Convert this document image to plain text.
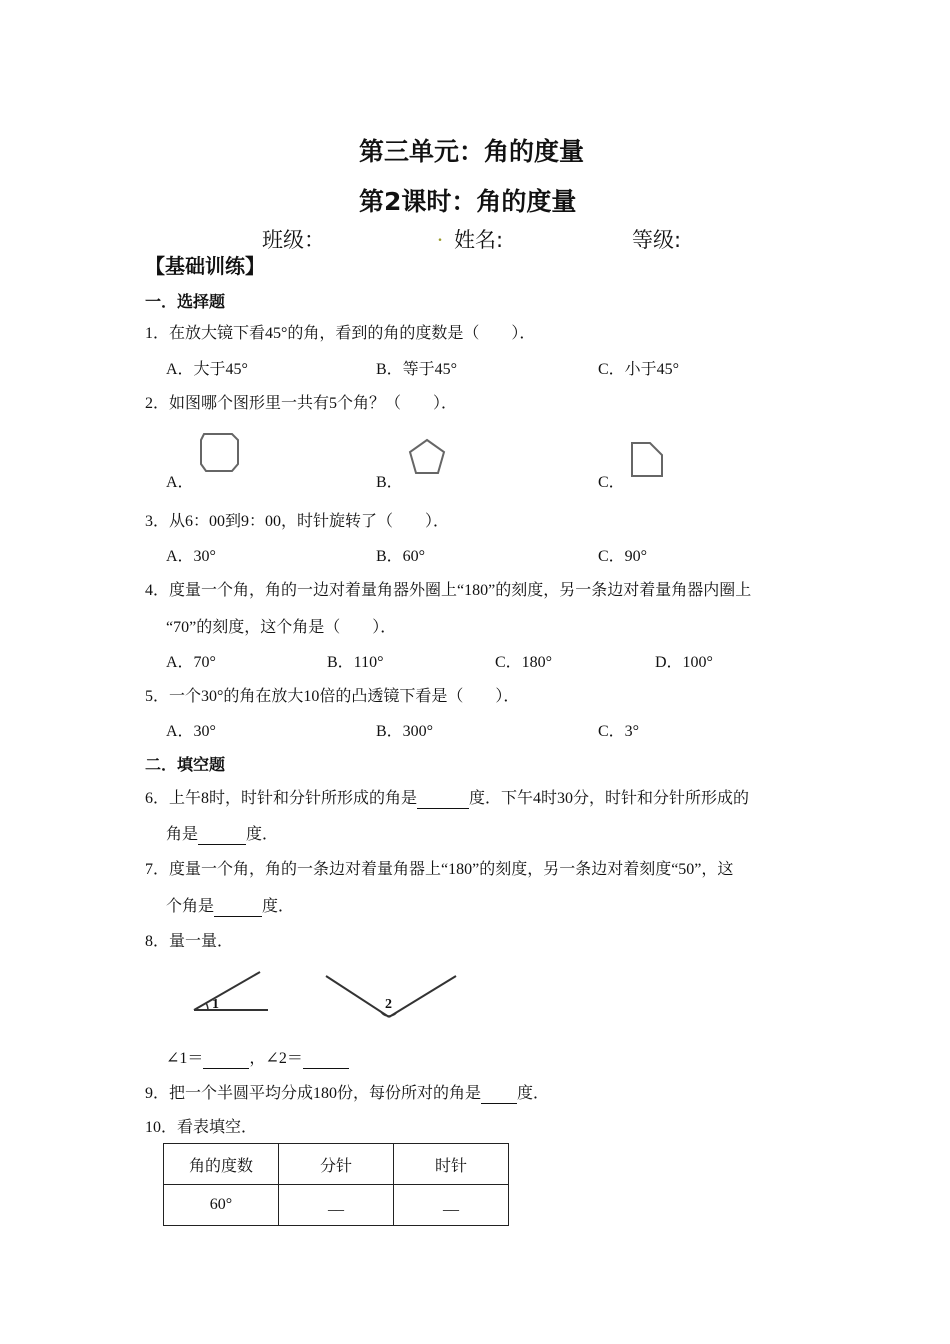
第三单元：角的度量
第2课时：角的度量
班级：	. 姓名:	等级:
【基础训练】
一．选择题
1．在放大镜下看45°的角，看到的角的度数是（　　）．
A．大于45°	B．等于45°	C．小于45°
2．如图哪个图形里一共有5个角？（　　）．
A．	B．	C．
3．从6：00到9：00，时针旋转了（　　）．
A．30°	B．60°	C．90°
4．度量一个角，角的一边对着量角器外圈上“180”的刻度，另一条边对着量角器内圈上
“70”的刻度，这个角是（　　）．
A．70°	B．110°	C．180°	D．100°
5．一个30°的角在放大10倍的凸透镜下看是（　　）．
A．30°	B．300°	C．3°
二．填空题
6．上午8时，时针和分针所形成的角是	度．下午4时30分，时针和分针所形成的
角是	度．
7．度量一个角，角的一条边对着量角器上“180”的刻度，另一条边对着刻度“50”，这
个角是	度．
8．量一量．
1	2
∠1＝	，∠2＝
9．把一个半圆平均分成180份，每份所对的角是 度．
10．看表填空．
角的度数	分针	时针
60°	__	__
